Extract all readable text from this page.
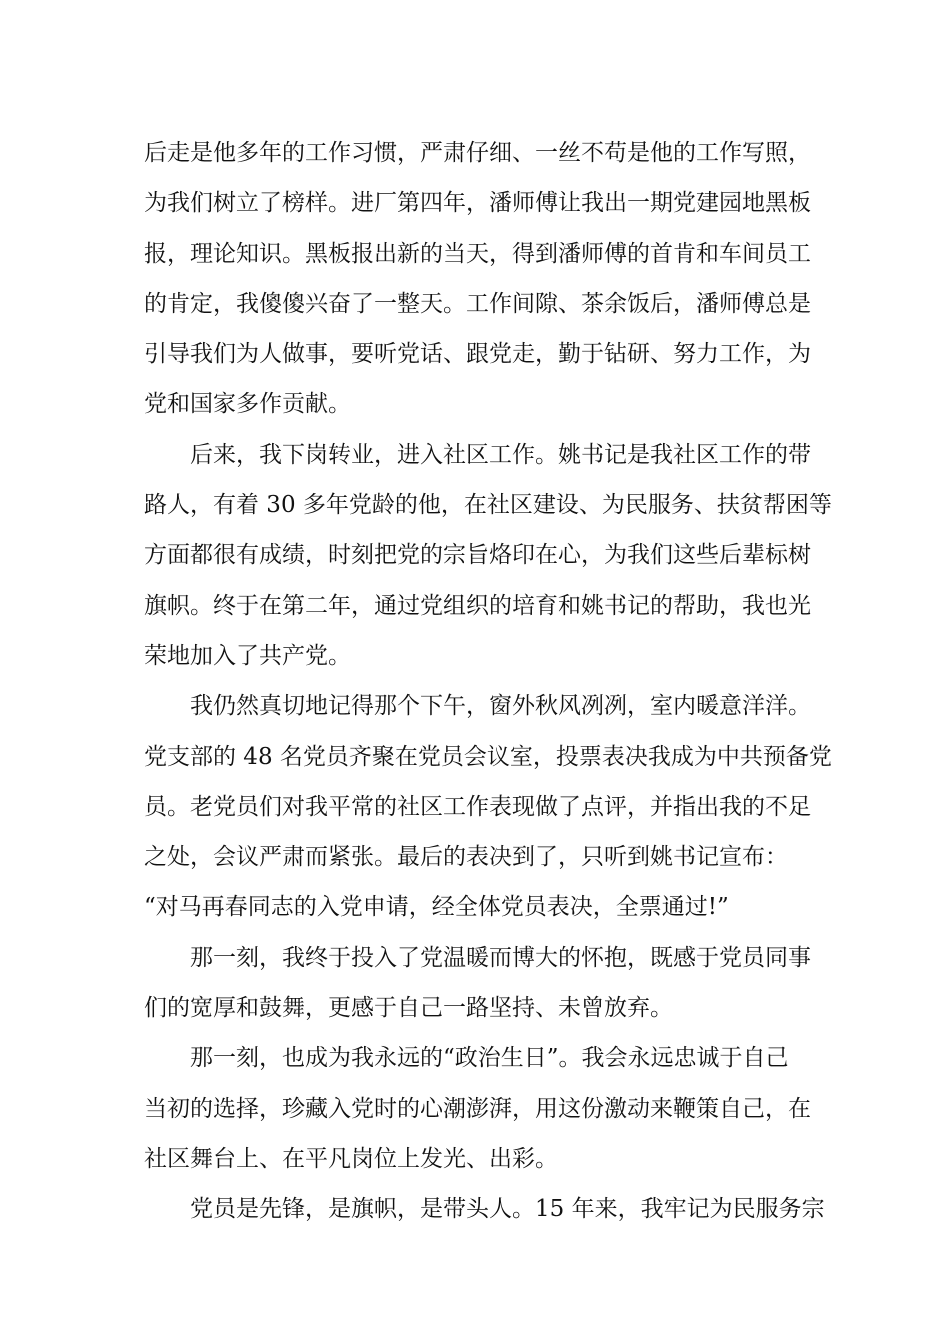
后走是他多年的工作习惯，严肃仔细、一丝不苟是他的工作写照，
为我们树立了榜样。进厂第四年，潘师傅让我出一期党建园地黑板
报，理论知识。黑板报出新的当天，得到潘师傅的首肯和车间员工
的肯定，我傻傻兴奋了一整天。工作间隙、茶余饭后，潘师傅总是
引导我们为人做事，要听党话、跟党走，勤于钻研、努力工作，为
党和国家多作贡献。
后来，我下岗转业，进入社区工作。姚书记是我社区工作的带
路人，有着 30 多年党龄的他，在社区建设、为民服务、扶贫帮困等
方面都很有成绩，时刻把党的宗旨烙印在心，为我们这些后辈标树
旗帜。终于在第二年，通过党组织的培育和姚书记的帮助，我也光
荣地加入了共产党。
我仍然真切地记得那个下午，窗外秋风冽冽，室内暖意洋洋。
党支部的 48 名党员齐聚在党员会议室，投票表决我成为中共预备党
员。老党员们对我平常的社区工作表现做了点评，并指出我的不足
之处，会议严肃而紧张。最后的表决到了，只听到姚书记宣布：
“对马再春同志的入党申请，经全体党员表决，全票通过!”
那一刻，我终于投入了党温暖而博大的怀抱，既感于党员同事
们的宽厚和鼓舞，更感于自己一路坚持、未曾放弃。
那一刻，也成为我永远的“政治生日”。我会永远忠诚于自己
当初的选择，珍藏入党时的心潮澎湃，用这份激动来鞭策自己，在
社区舞台上、在平凡岗位上发光、出彩。
党员是先锋，是旗帜，是带头人。15 年来，我牢记为民服务宗
